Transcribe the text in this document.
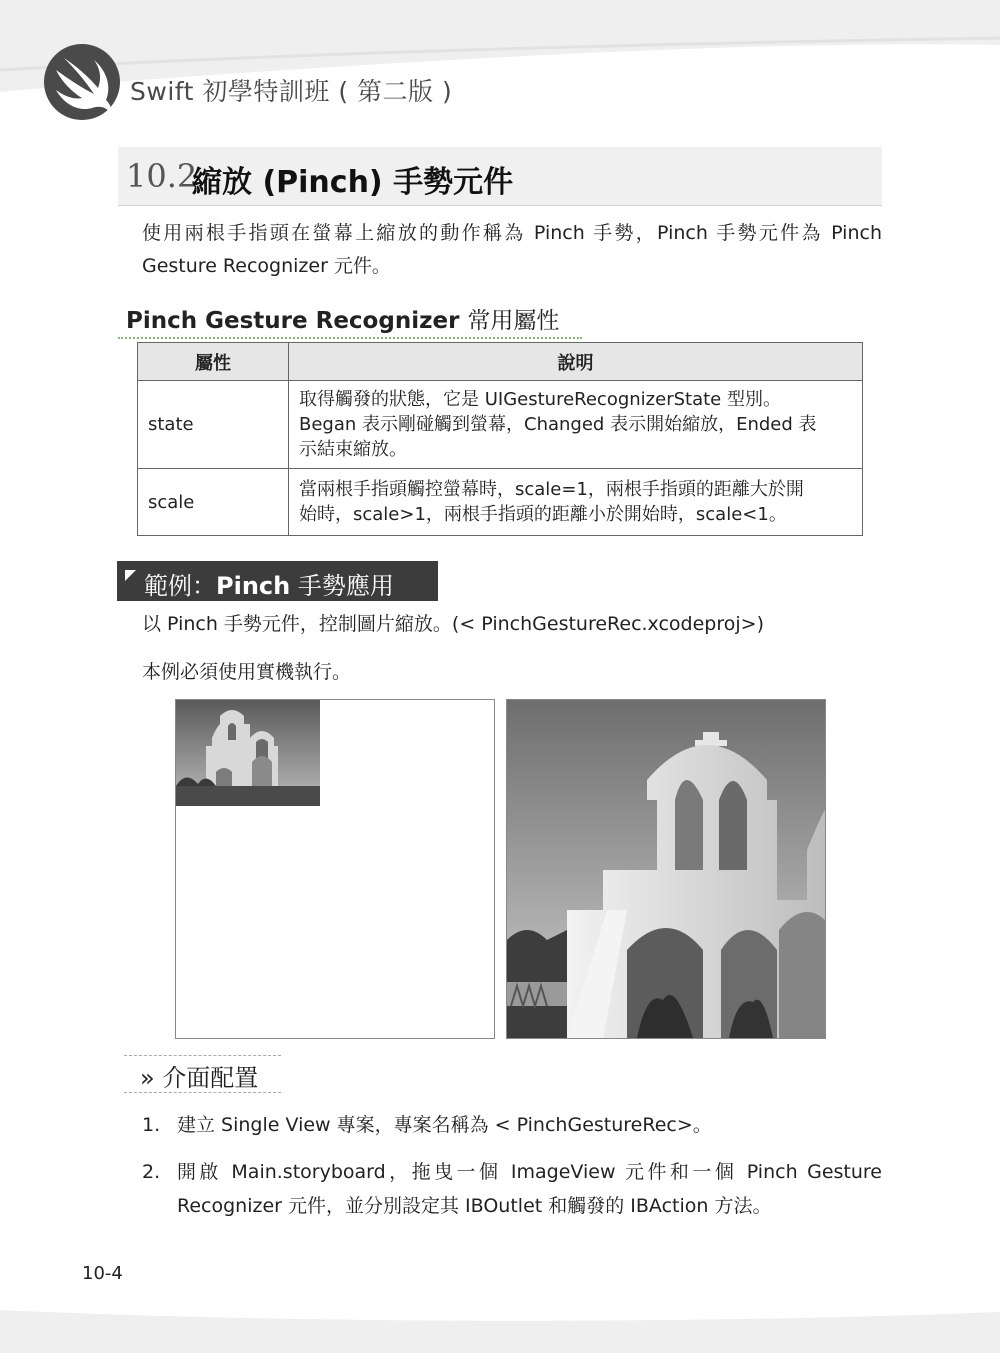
Swift 初學特訓班 ( 第二版 )
10.2
縮放 (Pinch) 手勢元件
使用兩根手指頭在螢幕上縮放的動作稱為 Pinch 手勢，Pinch 手勢元件為 Pinch
Gesture Recognizer 元件。
Pinch Gesture Recognizer 常用屬性
屬性	說明
state	取得觸發的狀態，它是 UIGestureRecognizerState 型別。
Began 表示剛碰觸到螢幕，Changed 表示開始縮放，Ended 表
示結束縮放。

scale	當兩根手指頭觸控螢幕時，scale=1，兩根手指頭的距離大於開
始時，scale>1，兩根手指頭的距離小於開始時，scale<1。
範例：Pinch 手勢應用
以 Pinch 手勢元件，控制圖片縮放。(< PinchGestureRec.xcodeproj>)
本例必須使用實機執行。
» 介面配置
1. 建立 Single View 專案，專案名稱為 < PinchGestureRec>。
2. 開啟 Main.storyboard，拖曳一個 ImageView 元件和一個 Pinch Gesture
Recognizer 元件，並分別設定其 IBOutlet 和觸發的 IBAction 方法。
10-4
